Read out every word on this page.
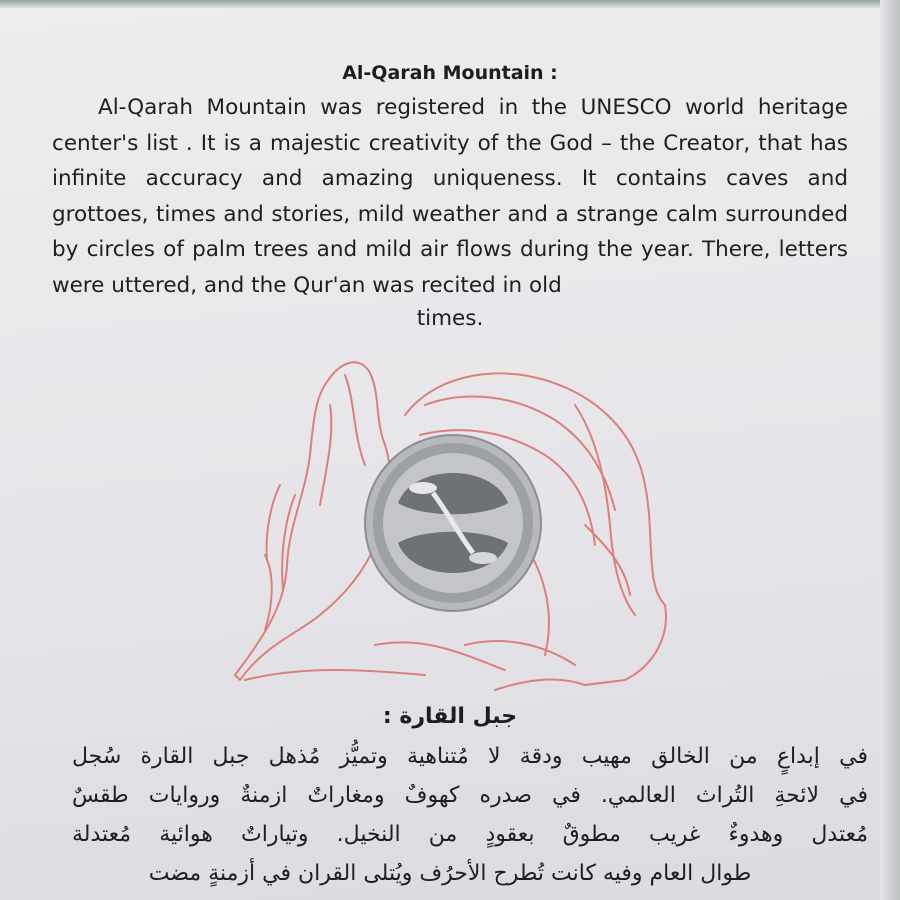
Al-Qarah Mountain :
Al-Qarah Mountain was registered in the UNESCO world heritage center's list . It is a majestic creativity of the God – the Creator, that has infinite accuracy and amazing uniqueness. It contains caves and grottoes, times and stories, mild weather and a strange calm surrounded by circles of palm trees and mild air flows during the year. There, letters were uttered, and the Qur'an was recited in old
times.
جبل القارة :
في إبداعٍ من الخالق مهيب ودقة لا مُتناهية وتميُّز مُذهل جبل القارة سُجل
في لائحةِ التُراث العالمي. في صدره كهوفٌ ومغاراتٌ ازمنةٌ وروايات طقسٌ
مُعتدل وهدوءٌ غريب مطوقٌ بعقودٍ من النخيل. وتياراتٌ هوائية مُعتدلة
طوال العام وفيه كانت تُطرح الأحرُف ويُتلى القران في أزمنةٍ مضت
